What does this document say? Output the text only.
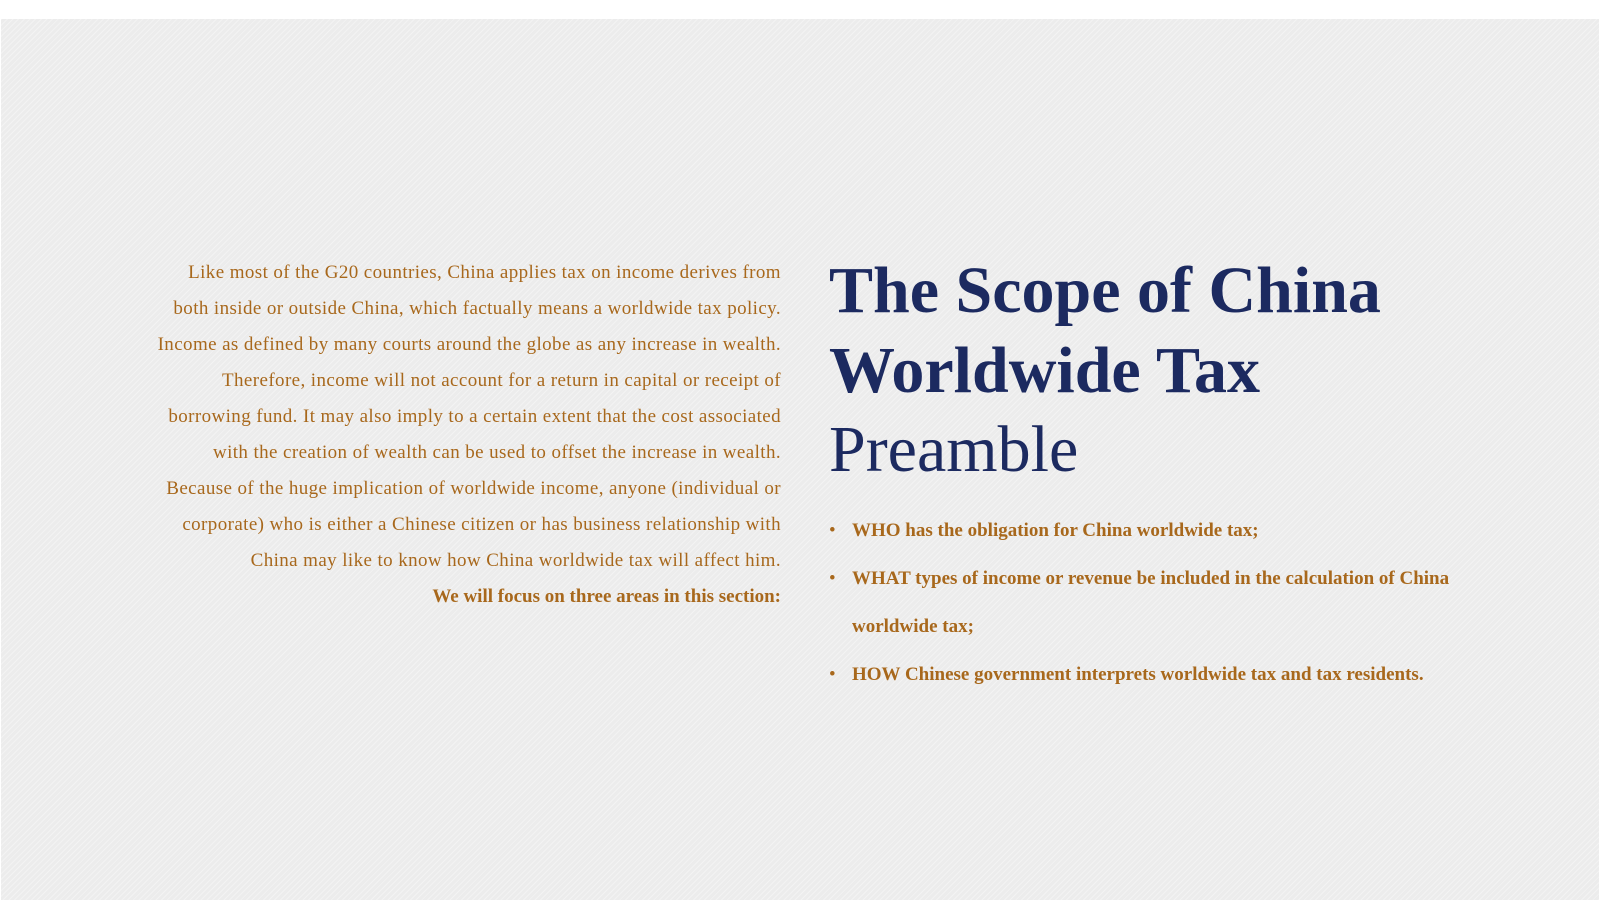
Like most of the G20 countries, China applies tax on income derives from both inside or outside China, which factually means a worldwide tax policy. Income as defined by many courts around the globe as any increase in wealth. Therefore, income will not account for a return in capital or receipt of borrowing fund. It may also imply to a certain extent that the cost associated with the creation of wealth can be used to offset the increase in wealth.

Because of the huge implication of worldwide income, anyone (individual or corporate) who is either a Chinese citizen or has business relationship with China may like to know how China worldwide tax will affect him.

We will focus on three areas in this section:

The Scope of China
Worldwide Tax
Preamble
• WHO has the obligation for China worldwide tax;
• WHAT types of income or revenue be included in the calculation of China worldwide tax;
• HOW Chinese government interprets worldwide tax and tax residents.
